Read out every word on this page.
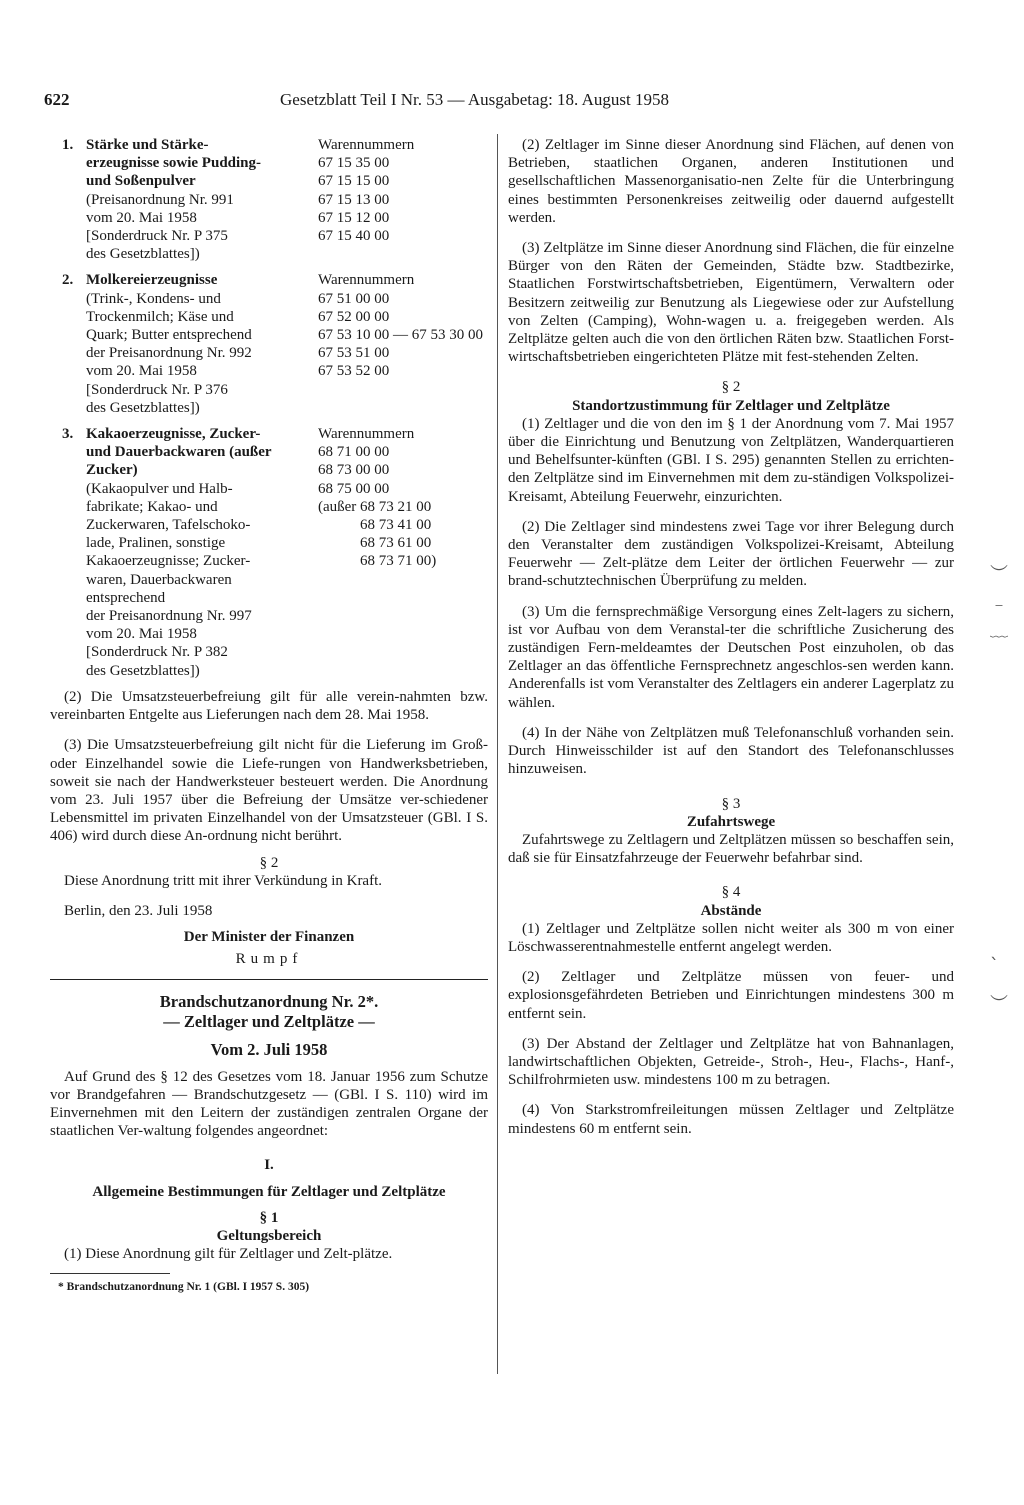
622	Gesetzblatt Teil I Nr. 53 — Ausgabetag: 18. August 1958
1. Stärke und Stärke-
erzeugnisse sowie Pudding-
und Soßenpulver
(Preisanordnung Nr. 991
vom 20. Mai 1958
[Sonderdruck Nr. P 375
des Gesetzblattes])
Warennummern
67 15 35 00
67 15 15 00
67 15 13 00
67 15 12 00
67 15 40 00
2. Molkereierzeugnisse
(Trink-, Kondens- und
Trockenmilch; Käse und
Quark; Butter entsprechend
der Preisanordnung Nr. 992
vom 20. Mai 1958
[Sonderdruck Nr. P 376
des Gesetzblattes])
Warennummern
67 51 00 00
67 52 00 00
67 53 10 00 — 67 53 30 00
67 53 51 00
67 53 52 00
3. Kakaoerzeugnisse, Zucker-
und Dauerbackwaren (außer
Zucker)
(Kakaopulver und Halb-
fabrikate; Kakao- und
Zuckerwaren, Tafelschoko-
lade, Pralinen, sonstige
Kakaoerzeugnisse; Zucker-
waren, Dauerbackwaren
entsprechend
der Preisanordnung Nr. 997
vom 20. Mai 1958
[Sonderdruck Nr. P 382
des Gesetzblattes])
Warennummern
68 71 00 00
68 73 00 00
68 75 00 00
(außer 68 73 21 00
68 73 41 00
68 73 61 00
68 73 71 00)

(2) Die Umsatzsteuerbefreiung gilt für alle verein-nahmten bzw. vereinbarten Entgelte aus Lieferungen nach dem 28. Mai 1958.

(3) Die Umsatzsteuerbefreiung gilt nicht für die Lieferung im Groß- oder Einzelhandel sowie die Liefe-rungen von Handwerksbetrieben, soweit sie nach der Handwerksteuer besteuert werden. Die Anordnung vom 23. Juli 1957 über die Befreiung der Umsätze ver-schiedener Lebensmittel im privaten Einzelhandel von der Umsatzsteuer (GBl. I S. 406) wird durch diese An-ordnung nicht berührt.

§ 2

Diese Anordnung tritt mit ihrer Verkündung in Kraft.

Berlin, den 23. Juli 1958

Der Minister der Finanzen

Rumpf

Brandschutzanordnung Nr. 2*.

— Zeltlager und Zeltplätze —

Vom 2. Juli 1958

Auf Grund des § 12 des Gesetzes vom 18. Januar 1956 zum Schutze vor Brandgefahren — Brandschutzgesetz — (GBl. I S. 110) wird im Einvernehmen mit den Leitern der zuständigen zentralen Organe der staatlichen Ver-waltung folgendes angeordnet:

I.

Allgemeine Bestimmungen für Zeltlager und Zeltplätze

§ 1

Geltungsbereich

(1) Diese Anordnung gilt für Zeltlager und Zelt-plätze.

* Brandschutzanordnung Nr. 1 (GBl. I 1957 S. 305)

(2) Zeltlager im Sinne dieser Anordnung sind Flächen, auf denen von Betrieben, staatlichen Organen, anderen Institutionen und gesellschaftlichen Massenorganisatio-nen Zelte für die Unterbringung eines bestimmten Personenkreises zeitweilig oder dauernd aufgestellt werden.

(3) Zeltplätze im Sinne dieser Anordnung sind Flächen, die für einzelne Bürger von den Räten der Gemeinden, Städte bzw. Stadtbezirke, Staatlichen Forstwirtschaftsbetrieben, Eigentümern, Verwaltern oder Besitzern zeitweilig zur Benutzung als Liegewiese oder zur Aufstellung von Zelten (Camping), Wohn-wagen u. a. freigegeben werden. Als Zeltplätze gelten auch die von den örtlichen Räten bzw. Staatlichen Forst-wirtschaftsbetrieben eingerichteten Plätze mit fest-stehenden Zelten.

§ 2

Standortzustimmung für Zeltlager und Zeltplätze

(1) Zeltlager und die von den im § 1 der Anordnung vom 7. Mai 1957 über die Einrichtung und Benutzung von Zeltplätzen, Wanderquartieren und Behelfsunter-künften (GBl. I S. 295) genannten Stellen zu errichten-den Zeltplätze sind im Einvernehmen mit dem zu-ständigen Volkspolizei-Kreisamt, Abteilung Feuerwehr, einzurichten.

(2) Die Zeltlager sind mindestens zwei Tage vor ihrer Belegung durch den Veranstalter dem zuständigen Volkspolizei-Kreisamt, Abteilung Feuerwehr — Zelt-plätze dem Leiter der örtlichen Feuerwehr — zur brand-schutztechnischen Überprüfung zu melden.

(3) Um die fernsprechmäßige Versorgung eines Zelt-lagers zu sichern, ist vor Aufbau von dem Veranstal-ter die schriftliche Zusicherung des zuständigen Fern-meldeamtes der Deutschen Post einzuholen, ob das Zeltlager an das öffentliche Fernsprechnetz angeschlos-sen werden kann. Anderenfalls ist vom Veranstalter des Zeltlagers ein anderer Lagerplatz zu wählen.

(4) In der Nähe von Zeltplätzen muß Telefonanschluß vorhanden sein. Durch Hinweisschilder ist auf den Standort des Telefonanschlusses hinzuweisen.

§ 3

Zufahrtswege

Zufahrtswege zu Zeltlagern und Zeltplätzen müssen so beschaffen sein, daß sie für Einsatzfahrzeuge der Feuerwehr befahrbar sind.

§ 4

Abstände

(1) Zeltlager und Zeltplätze sollen nicht weiter als 300 m von einer Löschwasserentnahmestelle entfernt angelegt werden.

(2) Zeltlager und Zeltplätze müssen von feuer- und explosionsgefährdeten Betrieben und Einrichtungen mindestens 300 m entfernt sein.

(3) Der Abstand der Zeltlager und Zeltplätze hat von Bahnanlagen, landwirtschaftlichen Objekten, Getreide-, Stroh-, Heu-, Flachs-, Hanf-, Schilfrohrmieten usw. mindestens 100 m zu betragen.

(4) Von Starkstromfreileitungen müssen Zeltlager und Zeltplätze mindestens 60 m entfernt sein.

︶
﹣
﹏
ˎ
︶
